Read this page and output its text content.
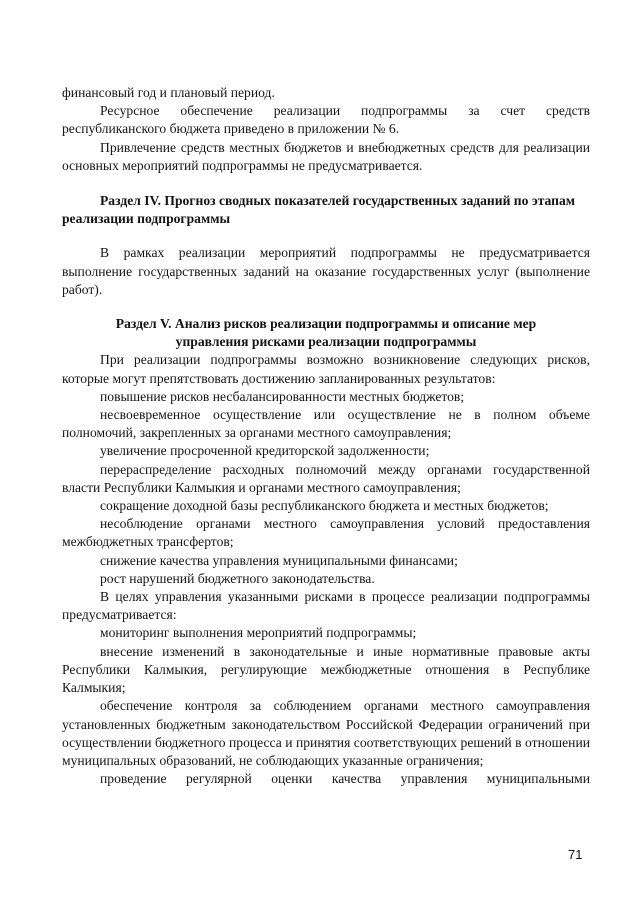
финансовый год и плановый период.

Ресурсное обеспечение реализации подпрограммы за счет средств республиканского бюджета приведено в приложении № 6.

Привлечение средств местных бюджетов и внебюджетных средств для реализации основных мероприятий подпрограммы не предусматривается.

Раздел IV. Прогноз сводных показателей государственных заданий по этапам реализации подпрограммы

В рамках реализации мероприятий подпрограммы не предусматривается выполнение государственных заданий на оказание государственных услуг (выполнение работ).

Раздел V. Анализ рисков реализации подпрограммы и описание мер
управления рисками реализации подпрограммы

При реализации подпрограммы возможно возникновение следующих рисков, которые могут препятствовать достижению запланированных результатов:

повышение рисков несбалансированности местных бюджетов;

несвоевременное осуществление или осуществление не в полном объеме полномочий, закрепленных за органами местного самоуправления;

увеличение просроченной кредиторской задолженности;

перераспределение расходных полномочий между органами государственной власти Республики Калмыкия и органами местного самоуправления;

сокращение доходной базы республиканского бюджета и местных бюджетов;

несоблюдение органами местного самоуправления условий предоставления межбюджетных трансфертов;

снижение качества управления муниципальными финансами;

рост нарушений бюджетного законодательства.

В целях управления указанными рисками в процессе реализации подпрограммы предусматривается:

мониторинг выполнения мероприятий подпрограммы;

внесение изменений в законодательные и иные нормативные правовые акты Республики Калмыкия, регулирующие межбюджетные отношения в Республике Калмыкия;

обеспечение контроля за соблюдением органами местного самоуправления установленных бюджетным законодательством Российской Федерации ограничений при осуществлении бюджетного процесса и принятия соответствующих решений в отношении муниципальных образований, не соблюдающих указанные ограничения;

проведение регулярной оценки качества управления муниципальными

71
